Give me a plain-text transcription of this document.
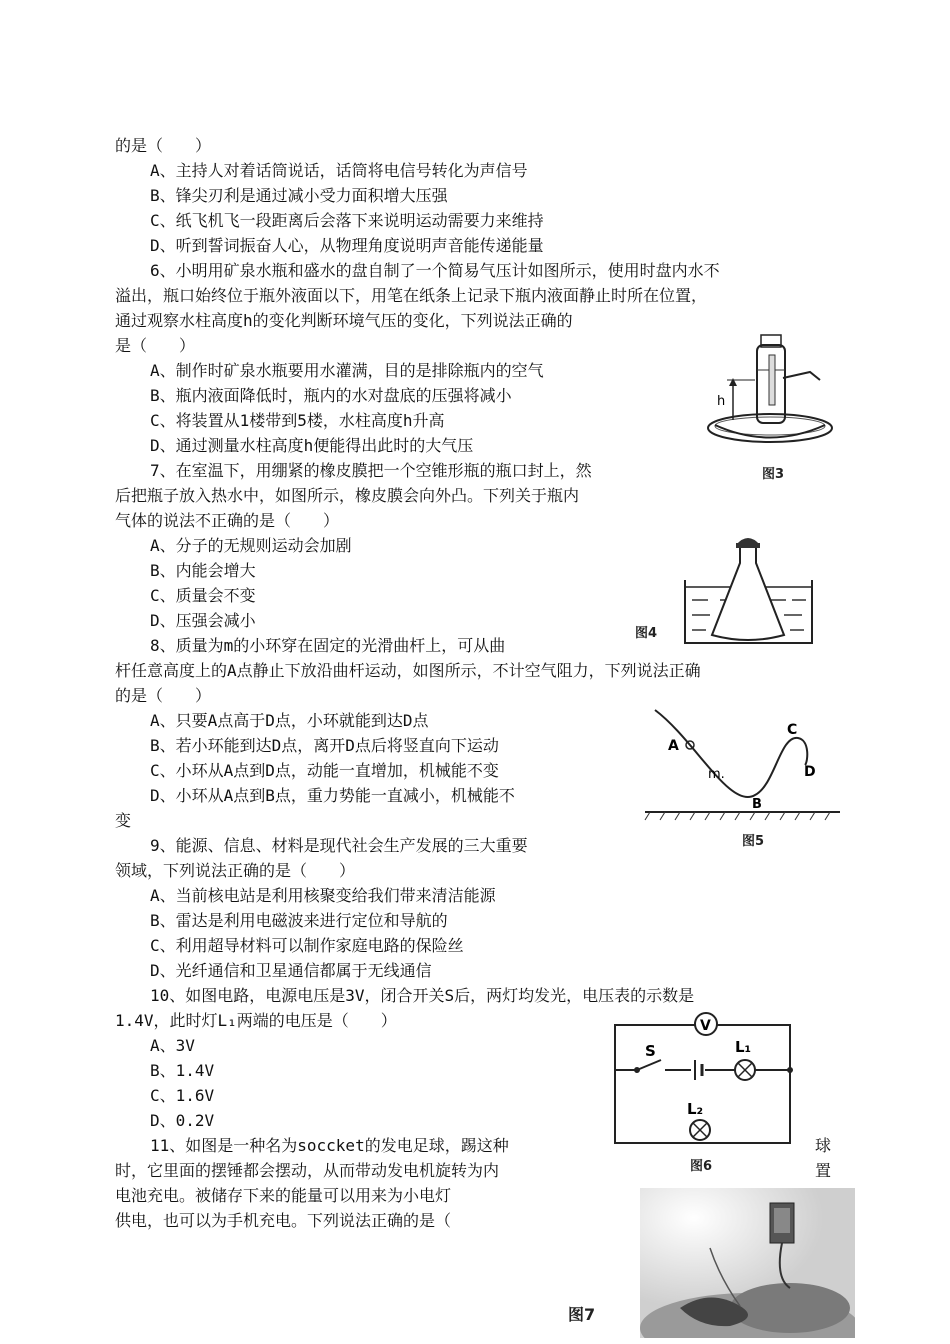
的是（　　）
A、主持人对着话筒说话，话筒将电信号转化为声信号
B、锋尖刃利是通过减小受力面积增大压强
C、纸飞机飞一段距离后会落下来说明运动需要力来维持
D、听到誓词振奋人心，从物理角度说明声音能传递能量
6、小明用矿泉水瓶和盛水的盘自制了一个简易气压计如图所示，使用时盘内水不
溢出，瓶口始终位于瓶外液面以下，用笔在纸条上记录下瓶内液面静止时所在位置，
通过观察水柱高度h的变化判断环境气压的变化，下列说法正确的
是（　　）
A、制作时矿泉水瓶要用水灌满，目的是排除瓶内的空气
B、瓶内液面降低时，瓶内的水对盘底的压强将减小
C、将装置从1楼带到5楼，水柱高度h升高
D、通过测量水柱高度h便能得出此时的大气压
7、在室温下，用绷紧的橡皮膜把一个空锥形瓶的瓶口封上，然
后把瓶子放入热水中，如图所示，橡皮膜会向外凸。下列关于瓶内
气体的说法不正确的是（　　）
A、分子的无规则运动会加剧
B、内能会增大
C、质量会不变
D、压强会减小
8、质量为m的小环穿在固定的光滑曲杆上，可从曲
杆任意高度上的A点静止下放沿曲杆运动，如图所示，不计空气阻力，下列说法正确
的是（　　）
A、只要A点高于D点，小环就能到达D点
B、若小环能到达D点，离开D点后将竖直向下运动
C、小环从A点到D点，动能一直增加，机械能不变
D、小环从A点到B点，重力势能一直减小，机械能不
变
9、能源、信息、材料是现代社会生产发展的三大重要
领域，下列说法正确的是（　　）
A、当前核电站是利用核聚变给我们带来清洁能源
B、雷达是利用电磁波来进行定位和导航的
C、利用超导材料可以制作家庭电路的保险丝
D、光纤通信和卫星通信都属于无线通信
10、如图电路，电源电压是3V，闭合开关S后，两灯均发光，电压表的示数是
1.4V，此时灯L₁两端的电压是（　　）
A、3V
B、1.4V
C、1.6V
D、0.2V
11、如图是一种名为soccket的发电足球，踢这种	球
时，它里面的摆锤都会摆动，从而带动发电机旋转为内	置
电池充电。被储存下来的能量可以用来为小电灯
供电，也可以为手机充电。下列说法正确的是（
h
图3
图4
A
m.
B
C
D
图5
V
S	L₁
L₂
图6
图7
